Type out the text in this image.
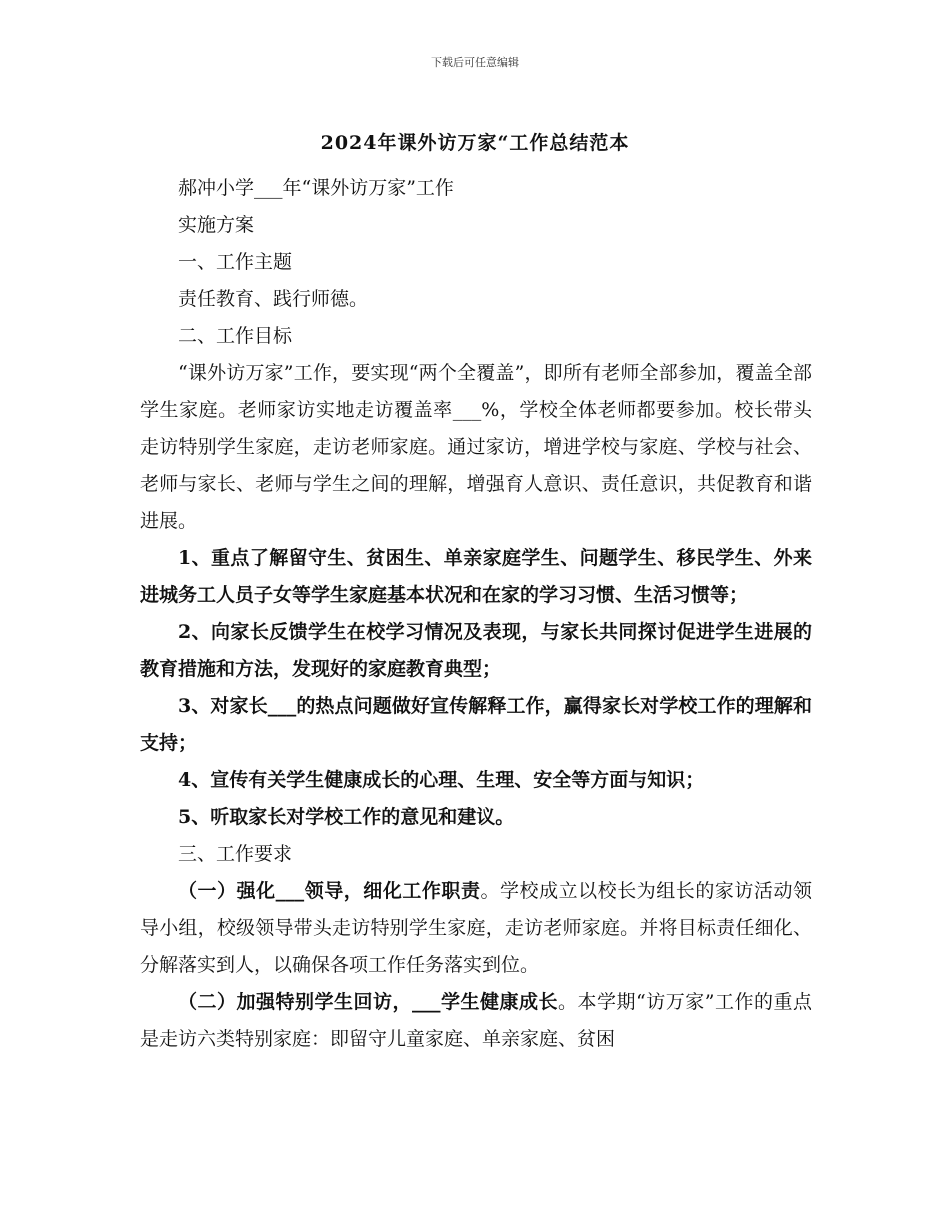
下载后可任意编辑
2024年课外访万家“工作总结范本

郝冲小学___年“课外访万家”工作

实施方案

一、工作主题

责任教育、践行师德。

二、工作目标

“课外访万家”工作，要实现“两个全覆盖”，即所有老师全部参加，覆盖全部学生家庭。老师家访实地走访覆盖率___%，学校全体老师都要参加。校长带头走访特别学生家庭，走访老师家庭。通过家访，增进学校与家庭、学校与社会、老师与家长、老师与学生之间的理解，增强育人意识、责任意识，共促教育和谐进展。

1、重点了解留守生、贫困生、单亲家庭学生、问题学生、移民学生、外来进城务工人员子女等学生家庭基本状况和在家的学习习惯、生活习惯等；

2、向家长反馈学生在校学习情况及表现，与家长共同探讨促进学生进展的教育措施和方法，发现好的家庭教育典型；

3、对家长___的热点问题做好宣传解释工作，赢得家长对学校工作的理解和支持；

4、宣传有关学生健康成长的心理、生理、安全等方面与知识；

5、听取家长对学校工作的意见和建议。

三、工作要求

（一）强化___领导，细化工作职责。学校成立以校长为组长的家访活动领导小组，校级领导带头走访特别学生家庭，走访老师家庭。并将目标责任细化、分解落实到人，以确保各项工作任务落实到位。

（二）加强特别学生回访，___学生健康成长。本学期“访万家”工作的重点是走访六类特别家庭：即留守儿童家庭、单亲家庭、贫困
